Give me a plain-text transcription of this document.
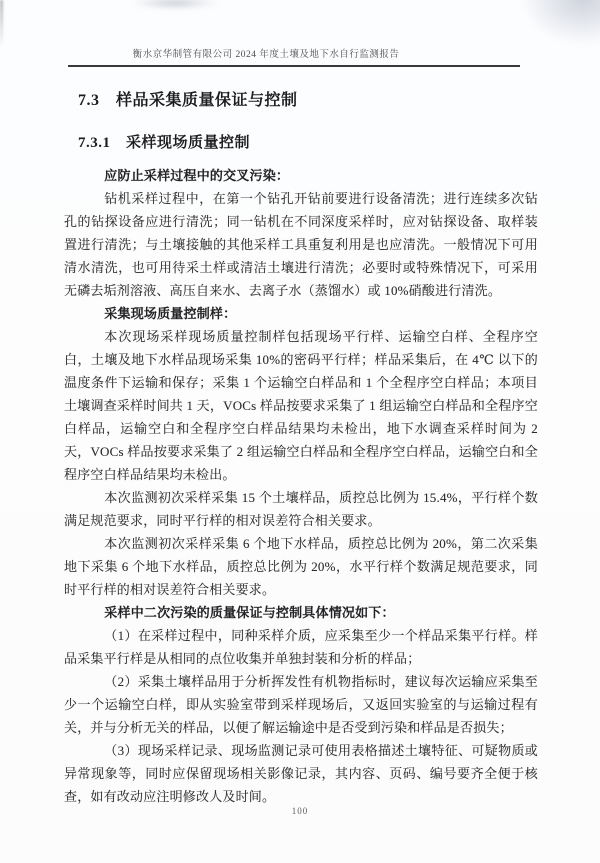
衡水京华制管有限公司 2024 年度土壤及地下水自行监测报告
7.3　样品采集质量保证与控制
7.3.1　采样现场质量控制

应防止采样过程中的交叉污染：

钻机采样过程中，在第一个钻孔开钻前要进行设备清洗；进行连续多次钻孔的钻探设备应进行清洗；同一钻机在不同深度采样时，应对钻探设备、取样装置进行清洗；与土壤接触的其他采样工具重复利用是也应清洗。一般情况下可用清水清洗，也可用待采土样或清洁土壤进行清洗；必要时或特殊情况下，可采用无磷去垢剂溶液、高压自来水、去离子水（蒸馏水）或 10%硝酸进行清洗。

采集现场质量控制样：

本次现场采样现场质量控制样包括现场平行样、运输空白样、全程序空白，土壤及地下水样品现场采集 10%的密码平行样；样品采集后，在 4℃ 以下的温度条件下运输和保存；采集 1 个运输空白样品和 1 个全程序空白样品；本项目土壤调查采样时间共 1 天，VOCs 样品按要求采集了 1 组运输空白样品和全程序空白样品，运输空白和全程序空白样品结果均未检出，地下水调查采样时间为 2 天，VOCs 样品按要求采集了 2 组运输空白样品和全程序空白样品，运输空白和全程序空白样品结果均未检出。

本次监测初次采样采集 15 个土壤样品，质控总比例为 15.4%，平行样个数满足规范要求，同时平行样的相对误差符合相关要求。

本次监测初次采样采集 6 个地下水样品，质控总比例为 20%，第二次采集地下采集 6 个地下水样品，质控总比例为 20%，水平行样个数满足规范要求，同时平行样的相对误差符合相关要求。

采样中二次污染的质量保证与控制具体情况如下：

（1）在采样过程中，同种采样介质，应采集至少一个样品采集平行样。样品采集平行样是从相同的点位收集并单独封装和分析的样品；

（2）采集土壤样品用于分析挥发性有机物指标时，建议每次运输应采集至少一个运输空白样，即从实验室带到采样现场后，又返回实验室的与运输过程有关，并与分析无关的样品，以便了解运输途中是否受到污染和样品是否损失；

（3）现场采样记录、现场监测记录可使用表格描述土壤特征、可疑物质或异常现象等，同时应保留现场相关影像记录，其内容、页码、编号要齐全便于核查，如有改动应注明修改人及时间。

100
